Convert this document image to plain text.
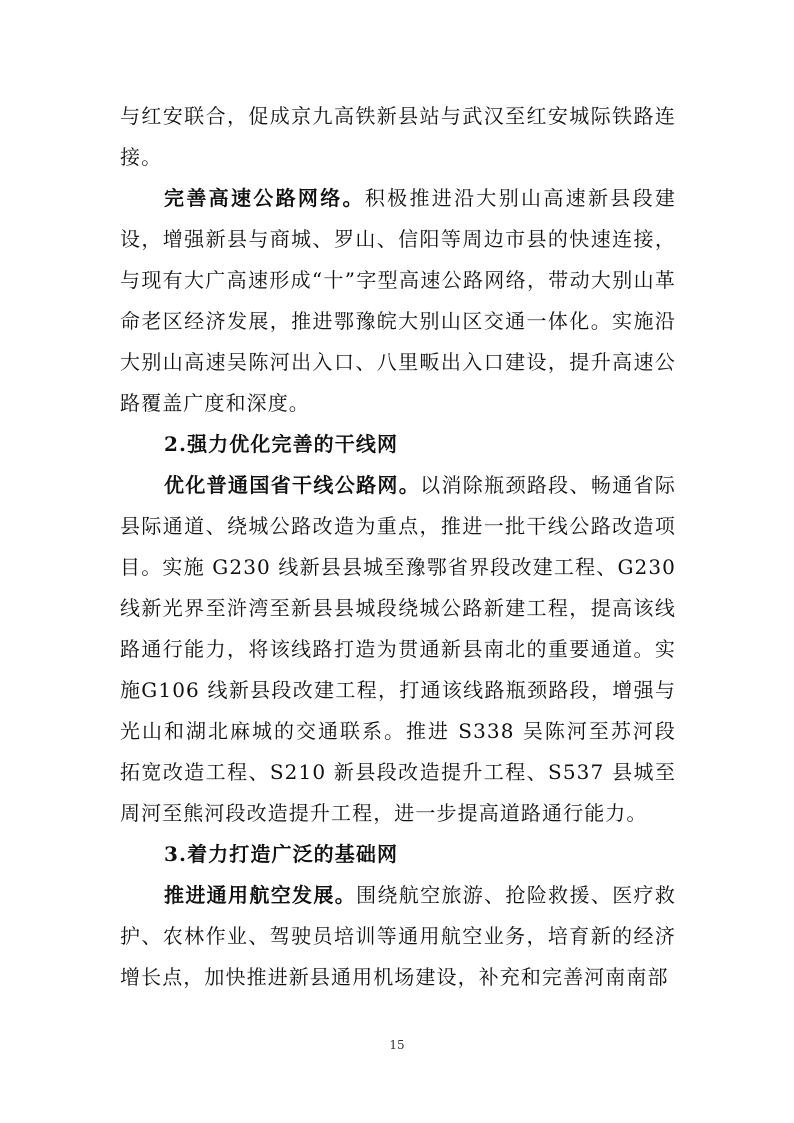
与红安联合，促成京九高铁新县站与武汉至红安城际铁路连接。

完善高速公路网络。积极推进沿大别山高速新县段建设，增强新县与商城、罗山、信阳等周边市县的快速连接，与现有大广高速形成“十”字型高速公路网络，带动大别山革命老区经济发展，推进鄂豫皖大别山区交通一体化。实施沿大别山高速吴陈河出入口、八里畈出入口建设，提升高速公路覆盖广度和深度。

2.强力优化完善的干线网

优化普通国省干线公路网。以消除瓶颈路段、畅通省际县际通道、绕城公路改造为重点，推进一批干线公路改造项目。实施 G230 线新县县城至豫鄂省界段改建工程、G230 线新光界至浒湾至新县县城段绕城公路新建工程，提高该线路通行能力，将该线路打造为贯通新县南北的重要通道。实施G106 线新县段改建工程，打通该线路瓶颈路段，增强与光山和湖北麻城的交通联系。推进 S338 吴陈河至苏河段拓宽改造工程、S210 新县段改造提升工程、S537 县城至周河至熊河段改造提升工程，进一步提高道路通行能力。

3.着力打造广泛的基础网

推进通用航空发展。围绕航空旅游、抢险救援、医疗救护、农林作业、驾驶员培训等通用航空业务，培育新的经济增长点，加快推进新县通用机场建设，补充和完善河南南部

15
